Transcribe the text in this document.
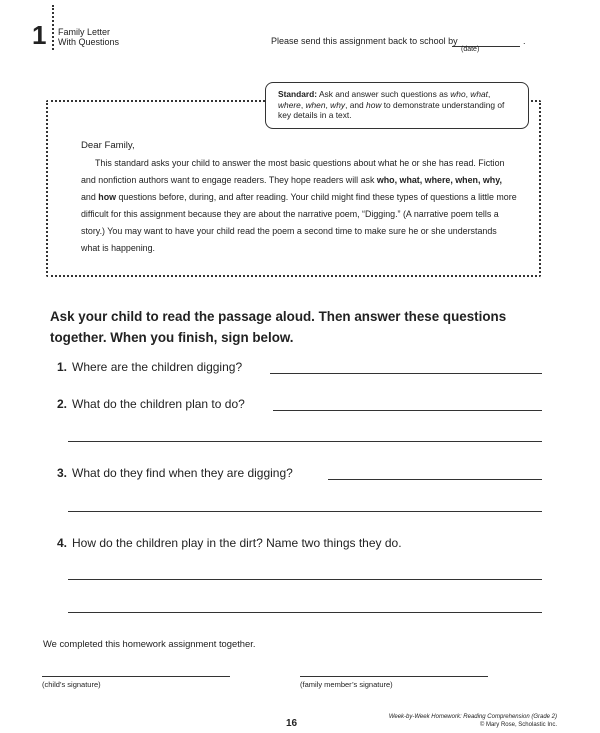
1 Family Letter
With Questions	Please send this assignment back to school by	.
(date)
Standard: Ask and answer such questions as who, what, where, when, why, and how to demonstrate understanding of key details in a text.
Dear Family,
This standard asks your child to answer the most basic questions about what he or she has read. Fiction and nonfiction authors want to engage readers. They hope readers will ask who, what, where, when, why, and how questions before, during, and after reading. Your child might find these types of questions a little more difficult for this assignment because they are about the narrative poem, “Digging.” (A narrative poem tells a story.) You may want to have your child read the poem a second time to make sure he or she understands what is happening.
Ask your child to read the passage aloud. Then answer these questions together. When you finish, sign below.
1. Where are the children digging?
2. What do the children plan to do?
3. What do they find when they are digging?
4. How do the children play in the dirt? Name two things they do.
We completed this homework assignment together.
(child’s signature)	(family member’s signature)
16
Week-by-Week Homework: Reading Comprehension (Grade 2)
© Mary Rose, Scholastic Inc.
